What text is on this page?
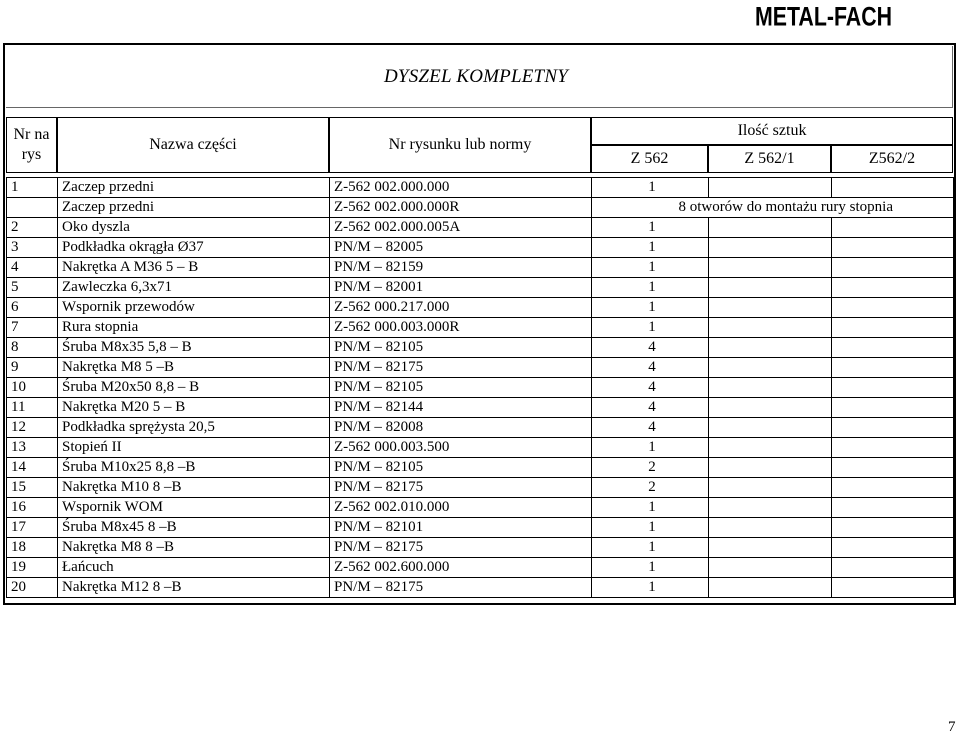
METAL-FACH
DYSZEL KOMPLETNY
Nr na rys
Nazwa części	Nr rysunku lub normy
Ilość sztuk
Z 562	Z 562/1	Z562/2
1	Zaczep przedni	Z-562 002.000.000	1		
	Zaczep przedni	Z-562 002.000.000R	8 otworów do montażu rury stopnia		
2	Oko dyszla	Z-562 002.000.005A	1		
3	Podkładka okrągła Ø37	PN/M – 82005	1		
4	Nakrętka A M36 5 – B	PN/M – 82159	1		
5	Zawleczka 6,3x71	PN/M – 82001	1		
6	Wspornik przewodów	Z-562 000.217.000	1		
7	Rura stopnia	Z-562 000.003.000R	1		
8	Śruba M8x35 5,8 – B	PN/M – 82105	4		
9	Nakrętka M8 5 –B	PN/M – 82175	4		
10	Śruba M20x50 8,8 – B	PN/M – 82105	4		
11	Nakrętka M20 5 – B	PN/M – 82144	4		
12	Podkładka sprężysta 20,5	PN/M – 82008	4		
13	Stopień II	Z-562 000.003.500	1		
14	Śruba M10x25 8,8 –B	PN/M – 82105	2		
15	Nakrętka M10 8 –B	PN/M – 82175	2		
16	Wspornik WOM	Z-562 002.010.000	1		
17	Śruba M8x45 8 –B	PN/M – 82101	1		
18	Nakrętka M8 8 –B	PN/M – 82175	1		
19	Łańcuch	Z-562 002.600.000	1		
20	Nakrętka M12 8 –B	PN/M – 82175	1		
7
